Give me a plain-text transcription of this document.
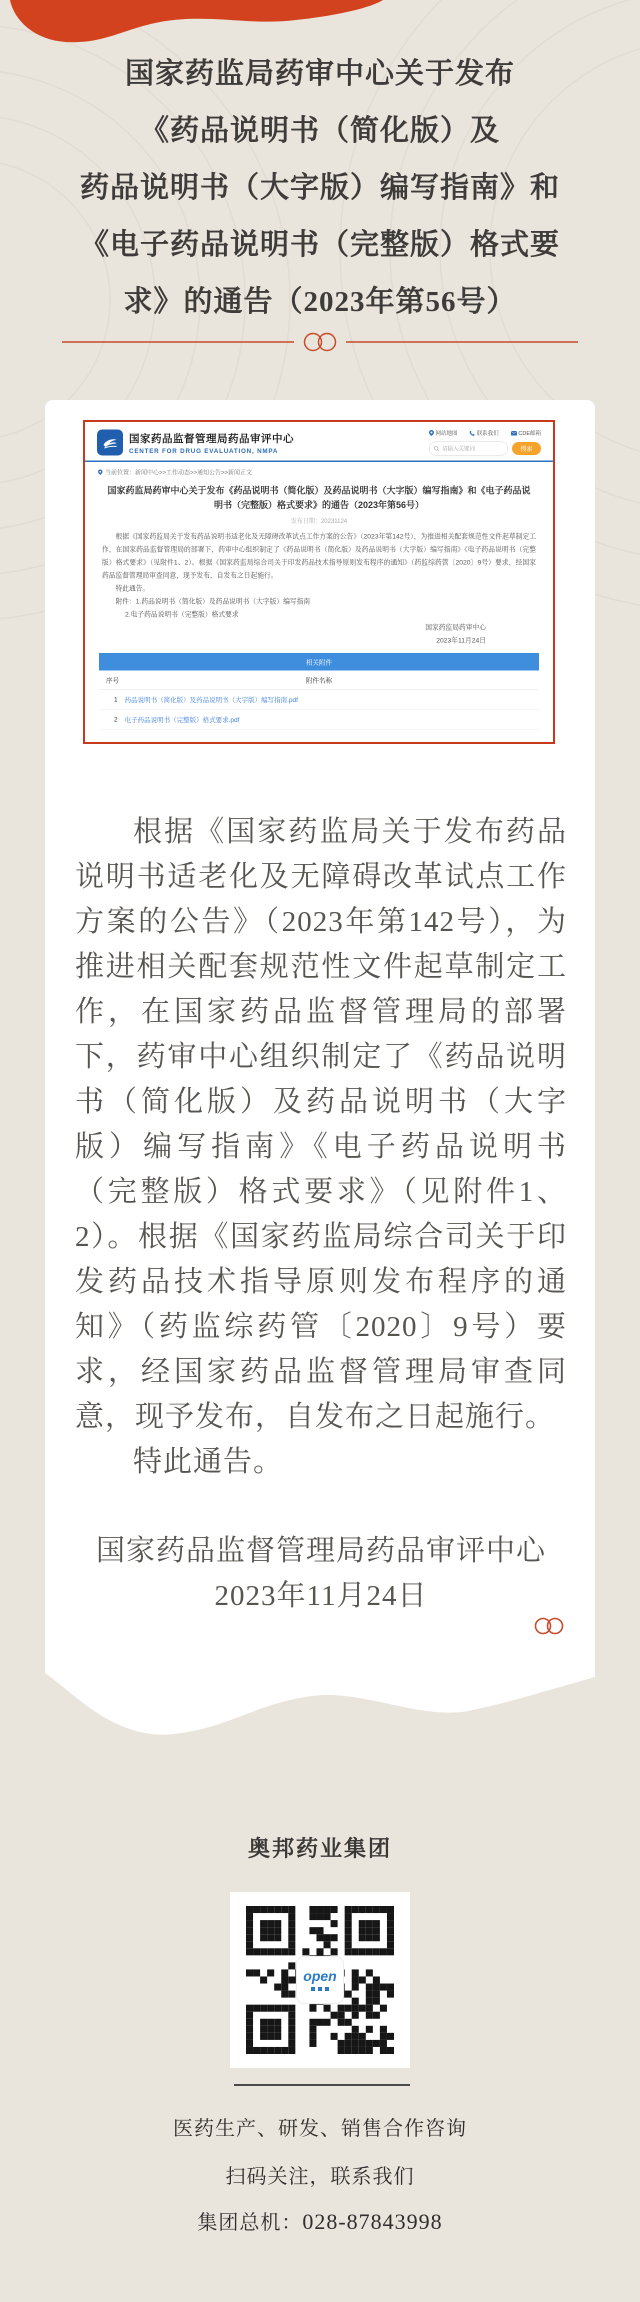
国家药监局药审中心关于发布
《药品说明书（简化版）及
药品说明书（大字版）编写指南》和
《电子药品说明书（完整版）格式要
求》的通告（2023年第56号）
国家药品监督管理局药品审评中心
CENTER FOR DRUG EVALUATION, NMPA
网站地图 联系我们 CDE邮箱
请输入关键词	搜索
当前位置：新闻中心>>工作动态>>通知公告>>新闻正文
国家药监局药审中心关于发布《药品说明书（简化版）及药品说明书（大字版）编写指南》和《电子药品说明书（完整版）格式要求》的通告（2023年第56号）
发布日期：20231124

根据《国家药监局关于发布药品说明书适老化及无障碍改革试点工作方案的公告》（2023年第142号），为推进相关配套规范性文件起草制定工作，在国家药品监督管理局的部署下，药审中心组织制定了《药品说明书（简化版）及药品说明书（大字版）编写指南》《电子药品说明书（完整版）格式要求》（见附件1、2）。根据《国家药监局综合司关于印发药品技术指导原则发布程序的通知》（药监综药管〔2020〕9号）要求，经国家药品监督管理局审查同意，现予发布，自发布之日起施行。

特此通告。

附件：1.药品说明书（简化版）及药品说明书（大字版）编写指南

2.电子药品说明书（完整版）格式要求

国家药监局药审中心
2023年11月24日
相关附件
序号	附件名称
1 药品说明书（简化版）及药品说明书（大字版）编写指南.pdf
2 电子药品说明书（完整版）格式要求.pdf

根据《国家药监局关于发布药品说明书适老化及无障碍改革试点工作方案的公告》（2023年第142号），为推进相关配套规范性文件起草制定工作，在国家药品监督管理局的部署下，药审中心组织制定了《药品说明书（简化版）及药品说明书（大字版）编写指南》《电子药品说明书（完整版）格式要求》（见附件1、2）。根据《国家药监局综合司关于印发药品技术指导原则发布程序的通知》（药监综药管〔2020〕9号）要求，经国家药品监督管理局审查同意，现予发布，自发布之日起施行。

特此通告。

国家药品监督管理局药品审评中心

2023年11月24日

奥邦药业集团
open
医药生产、研发、销售合作咨询
扫码关注，联系我们
集团总机：028-87843998
